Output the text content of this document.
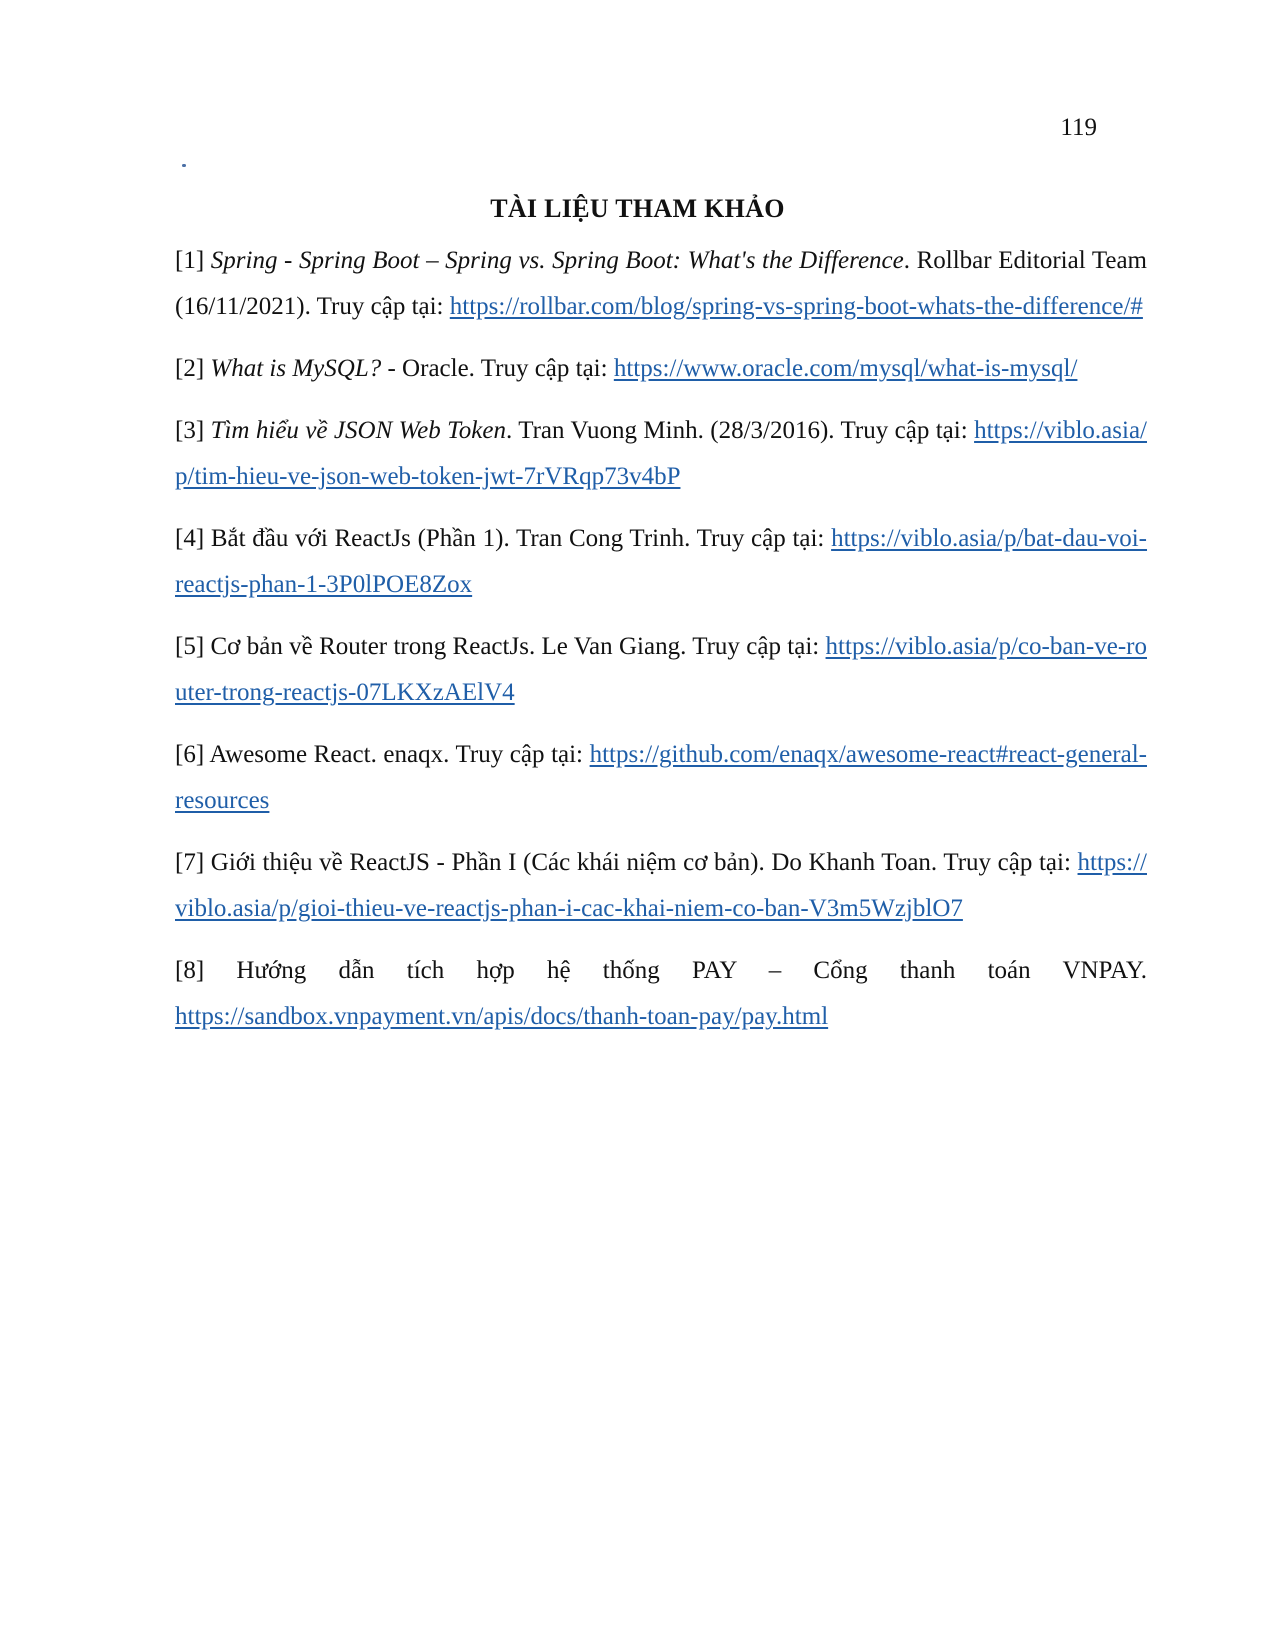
119
TÀI LIỆU THAM KHẢO

[1] Spring - Spring Boot – Spring vs. Spring Boot: What's the Difference. Rollbar Editorial Team (16/11/2021). Truy cập tại: https://rollbar.com/blog/spring-vs-spring-boot-whats-the-difference/#

[2] What is MySQL? - Oracle. Truy cập tại: https://www.oracle.com/mysql/what-is-mysql/

[3] Tìm hiểu về JSON Web Token. Tran Vuong Minh. (28/3/2016). Truy cập tại: https://viblo.asia/p/tim-hieu-ve-json-web-token-jwt-7rVRqp73v4bP

[4] Bắt đầu với ReactJs (Phần 1). Tran Cong Trinh. Truy cập tại: https://viblo.asia/p/bat-dau-voi-reactjs-phan-1-3P0lPOE8Zox

[5] Cơ bản về Router trong ReactJs. Le Van Giang. Truy cập tại: https://viblo.asia/p/co-ban-ve-router-trong-reactjs-07LKXzAElV4

[6] Awesome React. enaqx. Truy cập tại: https://github.com/enaqx/awesome-react#react-general-resources

[7] Giới thiệu về ReactJS - Phần I (Các khái niệm cơ bản). Do Khanh Toan. Truy cập tại: https://viblo.asia/p/gioi-thieu-ve-reactjs-phan-i-cac-khai-niem-co-ban-V3m5WzjblO7

[8] Hướng dẫn tích hợp hệ thống PAY – Cổng thanh toán VNPAY.
https://sandbox.vnpayment.vn/apis/docs/thanh-toan-pay/pay.html
